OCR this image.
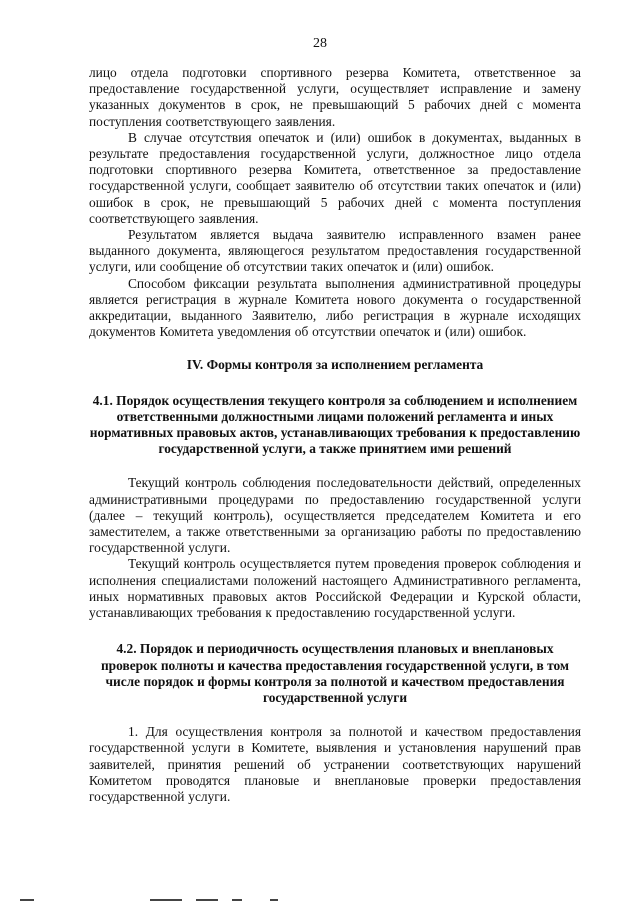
28

лицо отдела подготовки спортивного резерва Комитета, ответственное за предоставление государственной услуги, осуществляет исправление и замену указанных документов в срок, не превышающий 5 рабочих дней с момента поступления соответствующего заявления.

В случае отсутствия опечаток и (или) ошибок в документах, выданных в результате предоставления государственной услуги, должностное лицо отдела подготовки спортивного резерва Комитета, ответственное за предоставление государственной услуги, сообщает заявителю об отсутствии таких опечаток и (или) ошибок в срок, не превышающий 5 рабочих дней с момента поступления соответствующего заявления.

Результатом является выдача заявителю исправленного взамен ранее выданного документа, являющегося результатом предоставления государственной услуги, или сообщение об отсутствии таких опечаток и (или) ошибок.

Способом фиксации результата выполнения административной процедуры является регистрация в журнале Комитета нового документа о государственной аккредитации, выданного Заявителю, либо регистрация в журнале исходящих документов Комитета уведомления об отсутствии опечаток и (или) ошибок.

IV. Формы контроля за исполнением регламента
4.1. Порядок осуществления текущего контроля за соблюдением и исполнением ответственными должностными лицами положений регламента и иных нормативных правовых актов, устанавливающих требования к предоставлению государственной услуги, а также принятием ими решений

Текущий контроль соблюдения последовательности действий, определенных административными процедурами по предоставлению государственной услуги (далее – текущий контроль), осуществляется председателем Комитета и его заместителем, а также ответственными за организацию работы по предоставлению государственной услуги.

Текущий контроль осуществляется путем проведения проверок соблюдения и исполнения специалистами положений настоящего Административного регламента, иных нормативных правовых актов Российской Федерации и Курской области, устанавливающих требования к предоставлению государственной услуги.

4.2. Порядок и периодичность осуществления плановых и внеплановых проверок полноты и качества предоставления государственной услуги, в том числе порядок и формы контроля за полнотой и качеством предоставления государственной услуги

1. Для осуществления контроля за полнотой и качеством предоставления государственной услуги в Комитете, выявления и установления нарушений прав заявителей, принятия решений об устранении соответствующих нарушений Комитетом проводятся плановые и внеплановые проверки предоставления государственной услуги.
